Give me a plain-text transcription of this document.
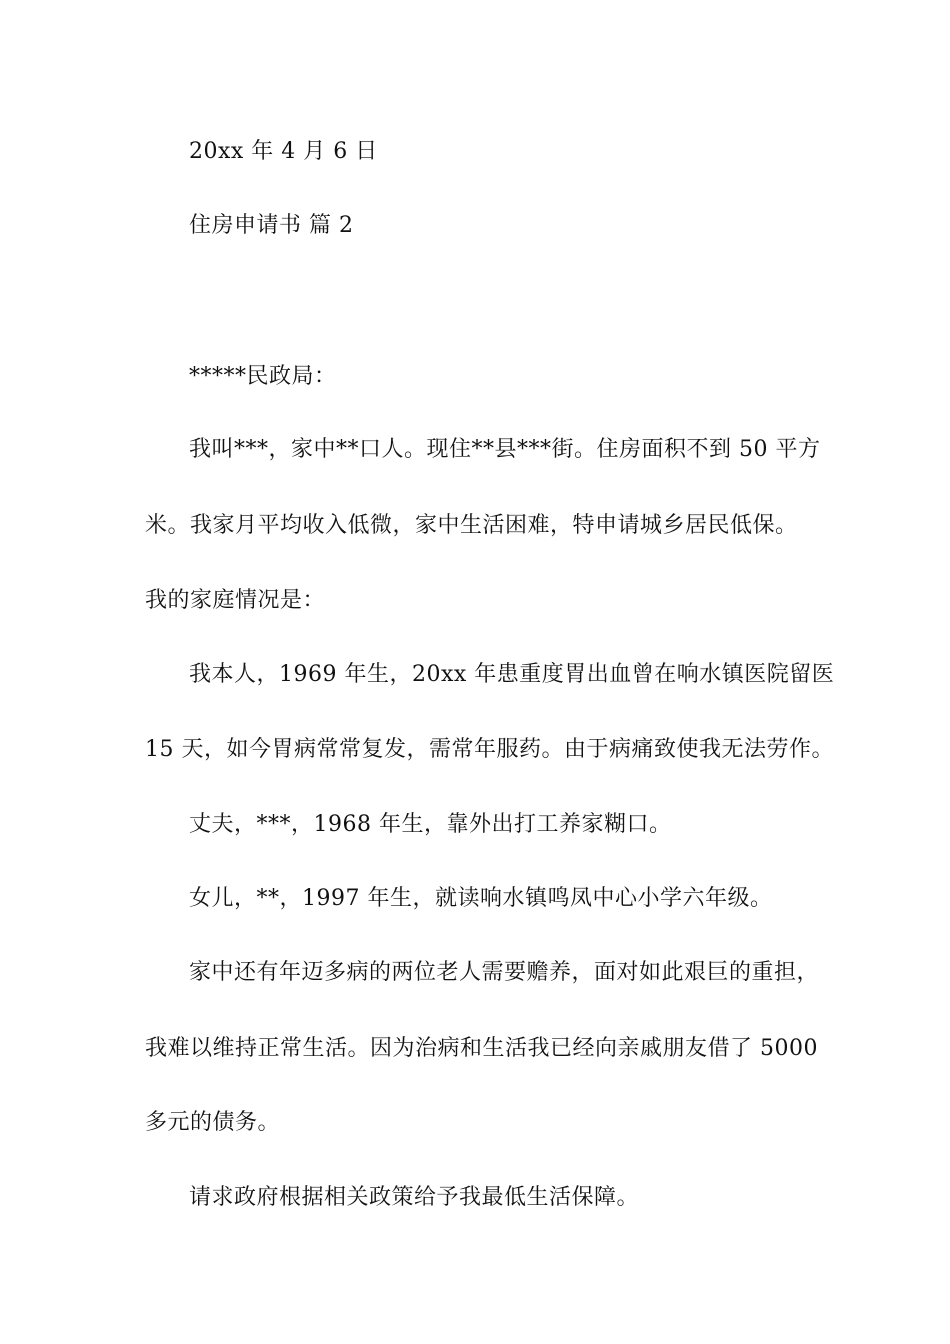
20xx 年 4 月 6 日
住房申请书 篇 2
*****民政局：
我叫***，家中**口人。现住**县***街。住房面积不到 50 平方
米。我家月平均收入低微，家中生活困难，特申请城乡居民低保。
我的家庭情况是：
我本人，1969 年生，20xx 年患重度胃出血曾在响水镇医院留医
15 天，如今胃病常常复发，需常年服药。由于病痛致使我无法劳作。
丈夫，***，1968 年生，靠外出打工养家糊口。
女儿，**，1997 年生，就读响水镇鸣凤中心小学六年级。
家中还有年迈多病的两位老人需要赡养，面对如此艰巨的重担，
我难以维持正常生活。因为治病和生活我已经向亲戚朋友借了 5000
多元的债务。
请求政府根据相关政策给予我最低生活保障。
